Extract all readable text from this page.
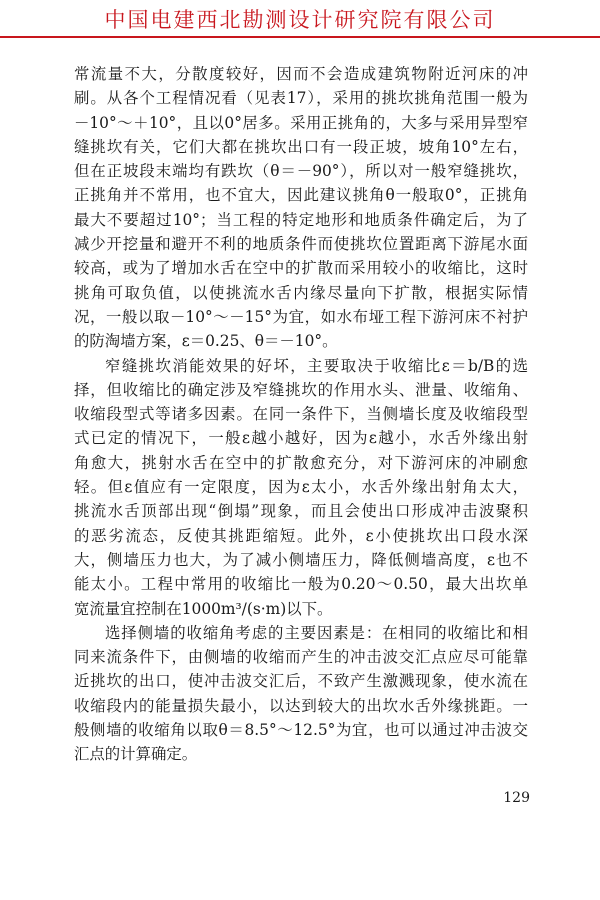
中国电建西北勘测设计研究院有限公司

常流量不大，分散度较好，因而不会造成建筑物附近河床的冲
刷。从各个工程情况看（见表17），采用的挑坎挑角范围一般为
－10°～＋10°，且以0°居多。采用正挑角的，大多与采用异型窄
缝挑坎有关，它们大都在挑坎出口有一段正坡，坡角10°左右，
但在正坡段末端均有跌坎（θ＝－90°），所以对一般窄缝挑坎，
正挑角并不常用，也不宜大，因此建议挑角θ一般取0°，正挑角
最大不要超过10°；当工程的特定地形和地质条件确定后，为了
减少开挖量和避开不利的地质条件而使挑坎位置距离下游尾水面
较高，或为了增加水舌在空中的扩散而采用较小的收缩比，这时
挑角可取负值，以使挑流水舌内缘尽量向下扩散，根据实际情
况，一般以取－10°～－15°为宜，如水布垭工程下游河床不衬护
的防淘墙方案，ε＝0.25、θ＝－10°。

窄缝挑坎消能效果的好坏，主要取决于收缩比ε＝b/B的选
择，但收缩比的确定涉及窄缝挑坎的作用水头、泄量、收缩角、
收缩段型式等诸多因素。在同一条件下，当侧墙长度及收缩段型
式已定的情况下，一般ε越小越好，因为ε越小，水舌外缘出射
角愈大，挑射水舌在空中的扩散愈充分，对下游河床的冲刷愈
轻。但ε值应有一定限度，因为ε太小，水舌外缘出射角太大，
挑流水舌顶部出现“倒塌”现象，而且会使出口形成冲击波聚积
的恶劣流态，反使其挑距缩短。此外，ε小使挑坎出口段水深
大，侧墙压力也大，为了减小侧墙压力，降低侧墙高度，ε也不
能太小。工程中常用的收缩比一般为0.20～0.50，最大出坎单
宽流量宜控制在1000m³/(s·m)以下。

选择侧墙的收缩角考虑的主要因素是：在相同的收缩比和相
同来流条件下，由侧墙的收缩而产生的冲击波交汇点应尽可能靠
近挑坎的出口，使冲击波交汇后，不致产生激溅现象，使水流在
收缩段内的能量损失最小，以达到较大的出坎水舌外缘挑距。一
般侧墙的收缩角以取θ＝8.5°～12.5°为宜，也可以通过冲击波交
汇点的计算确定。

129
